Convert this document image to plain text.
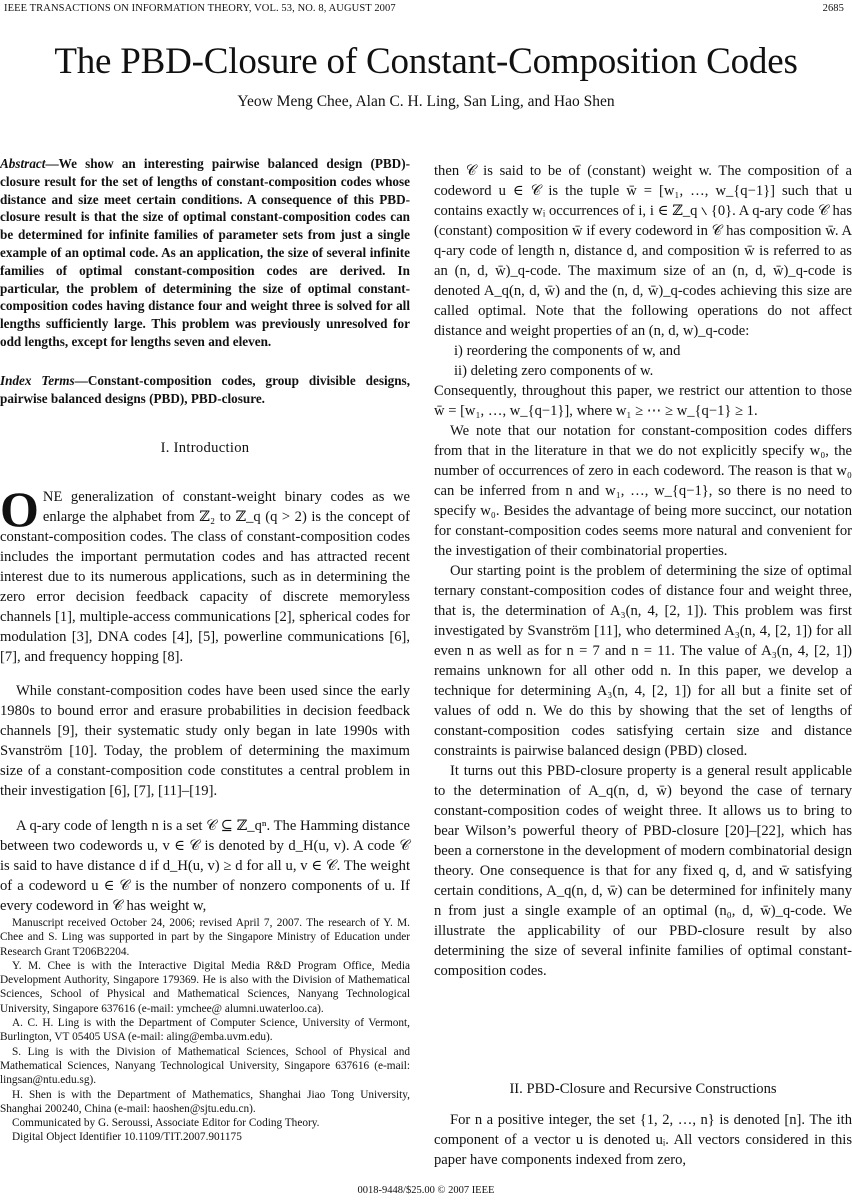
IEEE TRANSACTIONS ON INFORMATION THEORY, VOL. 53, NO. 8, AUGUST 2007	2685
The PBD-Closure of Constant-Composition Codes
Yeow Meng Chee, Alan C. H. Ling, San Ling, and Hao Shen
Abstract—We show an interesting pairwise balanced design (PBD)-closure result for the set of lengths of constant-composition codes whose distance and size meet certain conditions. A consequence of this PBD-closure result is that the size of optimal constant-composition codes can be determined for infinite families of parameter sets from just a single example of an optimal code. As an application, the size of several infinite families of optimal constant-composition codes are derived. In particular, the problem of determining the size of optimal constant-composition codes having distance four and weight three is solved for all lengths sufficiently large. This problem was previously unresolved for odd lengths, except for lengths seven and eleven.
Index Terms—Constant-composition codes, group divisible designs, pairwise balanced designs (PBD), PBD-closure.
I. Introduction

ONE generalization of constant-weight binary codes as we enlarge the alphabet from ℤ₂ to ℤ_q (q > 2) is the concept of constant-composition codes. The class of constant-composition codes includes the important permutation codes and has attracted recent interest due to its numerous applications, such as in determining the zero error decision feedback capacity of discrete memoryless channels [1], multiple-access communications [2], spherical codes for modulation [3], DNA codes [4], [5], powerline communications [6], [7], and frequency hopping [8].

While constant-composition codes have been used since the early 1980s to bound error and erasure probabilities in decision feedback channels [9], their systematic study only began in late 1990s with Svanström [10]. Today, the problem of determining the maximum size of a constant-composition code constitutes a central problem in their investigation [6], [7], [11]–[19].

A q-ary code of length n is a set 𝒞 ⊆ ℤ_qⁿ. The Hamming distance between two codewords u, v ∈ 𝒞 is denoted by d_H(u, v). A code 𝒞 is said to have distance d if d_H(u, v) ≥ d for all u, v ∈ 𝒞. The weight of a codeword u ∈ 𝒞 is the number of nonzero components of u. If every codeword in 𝒞 has weight w,

Manuscript received October 24, 2006; revised April 7, 2007. The research of Y. M. Chee and S. Ling was supported in part by the Singapore Ministry of Education under Research Grant T206B2204.

Y. M. Chee is with the Interactive Digital Media R&D Program Office, Media Development Authority, Singapore 179369. He is also with the Division of Mathematical Sciences, School of Physical and Mathematical Sciences, Nanyang Technological University, Singapore 637616 (e-mail: ymchee@ alumni.uwaterloo.ca).

A. C. H. Ling is with the Department of Computer Science, University of Vermont, Burlington, VT 05405 USA (e-mail: aling@emba.uvm.edu).

S. Ling is with the Division of Mathematical Sciences, School of Physical and Mathematical Sciences, Nanyang Technological University, Singapore 637616 (e-mail: lingsan@ntu.edu.sg).

H. Shen is with the Department of Mathematics, Shanghai Jiao Tong University, Shanghai 200240, China (e-mail: haoshen@sjtu.edu.cn).

Communicated by G. Seroussi, Associate Editor for Coding Theory.

Digital Object Identifier 10.1109/TIT.2007.901175

then 𝒞 is said to be of (constant) weight w. The composition of a codeword u ∈ 𝒞 is the tuple w̄ = [w₁, …, w_{q−1}] such that u contains exactly wᵢ occurrences of i, i ∈ ℤ_q ∖ {0}. A q-ary code 𝒞 has (constant) composition w̄ if every codeword in 𝒞 has composition w̄. A q-ary code of length n, distance d, and composition w̄ is referred to as an (n, d, w̄)_q-code. The maximum size of an (n, d, w̄)_q-code is denoted A_q(n, d, w̄) and the (n, d, w̄)_q-codes achieving this size are called optimal. Note that the following operations do not affect distance and weight properties of an (n, d, w)_q-code:

i) reordering the components of w, and
ii) deleting zero components of w.

Consequently, throughout this paper, we restrict our attention to those w̄ = [w₁, …, w_{q−1}], where w₁ ≥ ⋯ ≥ w_{q−1} ≥ 1.

We note that our notation for constant-composition codes differs from that in the literature in that we do not explicitly specify w₀, the number of occurrences of zero in each codeword. The reason is that w₀ can be inferred from n and w₁, …, w_{q−1}, so there is no need to specify w₀. Besides the advantage of being more succinct, our notation for constant-composition codes seems more natural and convenient for the investigation of their combinatorial properties.

Our starting point is the problem of determining the size of optimal ternary constant-composition codes of distance four and weight three, that is, the determination of A₃(n, 4, [2, 1]). This problem was first investigated by Svanström [11], who determined A₃(n, 4, [2, 1]) for all even n as well as for n = 7 and n = 11. The value of A₃(n, 4, [2, 1]) remains unknown for all other odd n. In this paper, we develop a technique for determining A₃(n, 4, [2, 1]) for all but a finite set of values of odd n. We do this by showing that the set of lengths of constant-composition codes satisfying certain size and distance constraints is pairwise balanced design (PBD) closed.

It turns out this PBD-closure property is a general result applicable to the determination of A_q(n, d, w̄) beyond the case of ternary constant-composition codes of weight three. It allows us to bring to bear Wilson’s powerful theory of PBD-closure [20]–[22], which has been a cornerstone in the development of modern combinatorial design theory. One consequence is that for any fixed q, d, and w̄ satisfying certain conditions, A_q(n, d, w̄) can be determined for infinitely many n from just a single example of an optimal (n₀, d, w̄)_q-code. We illustrate the applicability of our PBD-closure result by also determining the size of several infinite families of optimal constant-composition codes.

II. PBD-Closure and Recursive Constructions

For n a positive integer, the set {1, 2, …, n} is denoted [n]. The ith component of a vector u is denoted uᵢ. All vectors considered in this paper have components indexed from zero,

0018-9448/$25.00 © 2007 IEEE
